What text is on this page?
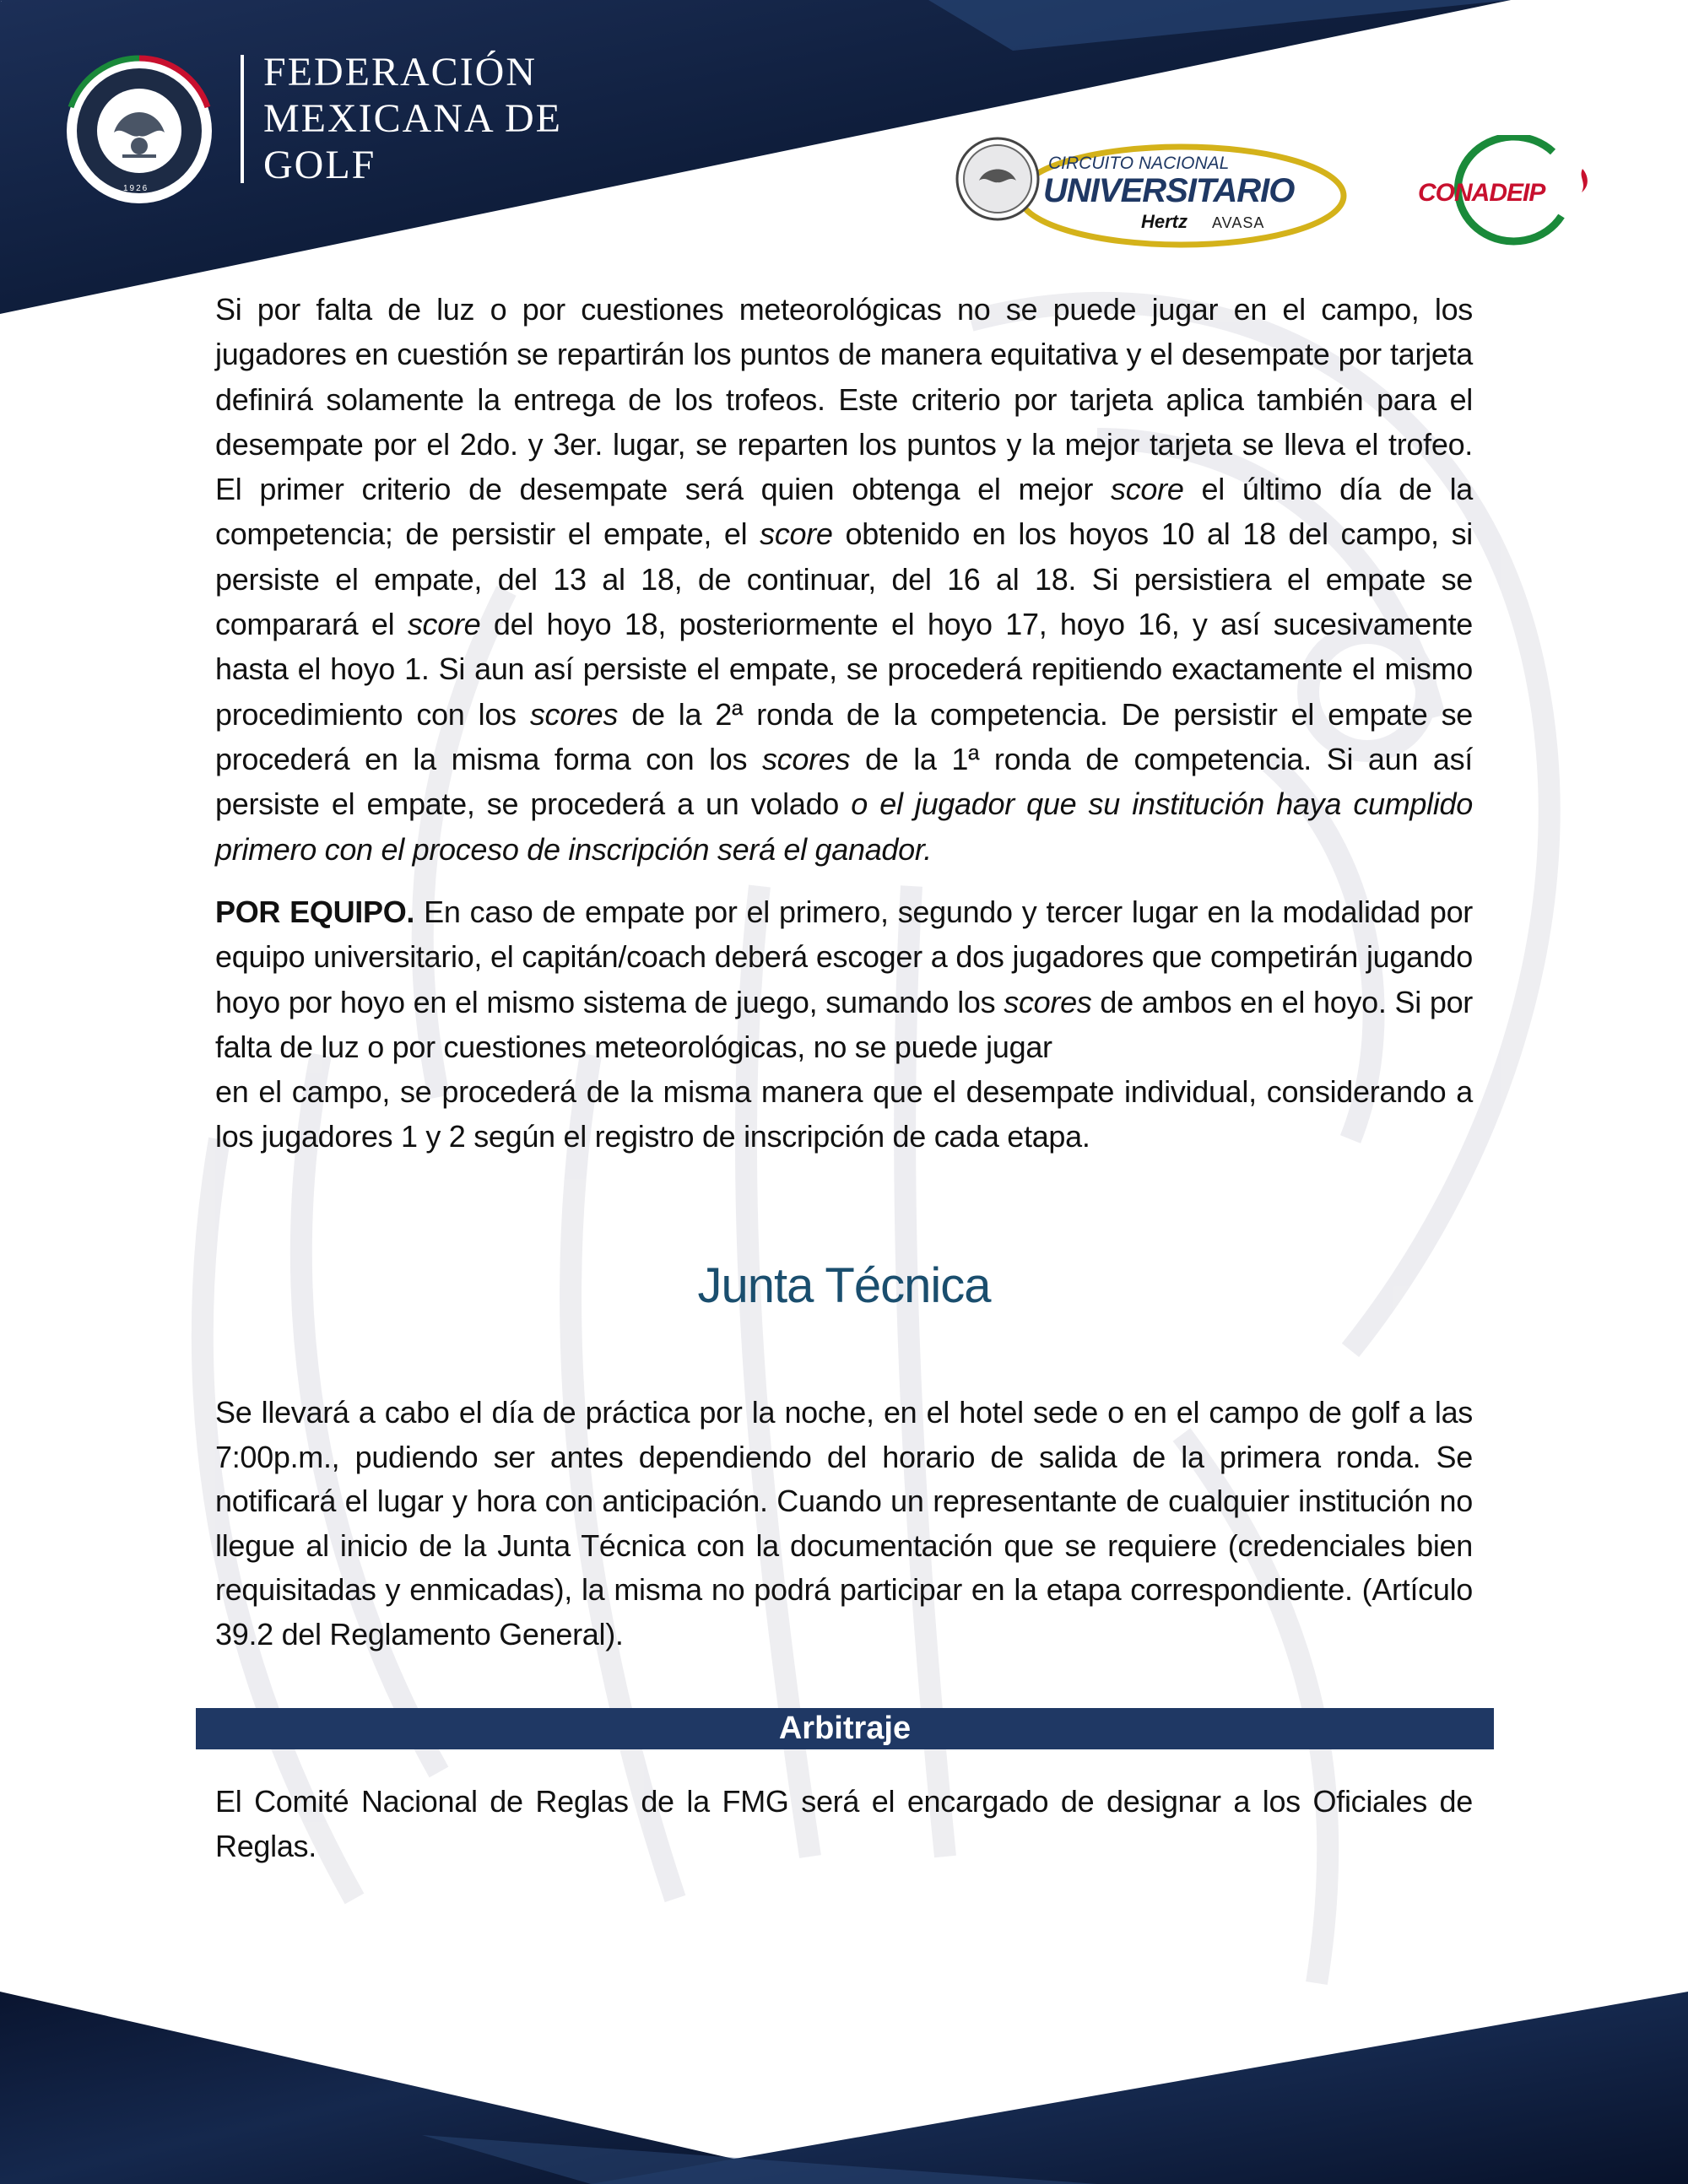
1926
FEDERACIÓN
MEXICANA DE
GOLF	CIRCUITO NACIONAL
UNIVERSITARIO
Hertz AVASA
CONADEIP

Si por falta de luz o por cuestiones meteorológicas no se puede jugar en el campo, los jugadores en cuestión se repartirán los puntos de manera equitativa y el desempate por tarjeta definirá solamente la entrega de los trofeos. Este criterio por tarjeta aplica también para el desempate por el 2do. y 3er. lugar, se reparten los puntos y la mejor tarjeta se lleva el trofeo. El primer criterio de desempate será quien obtenga el mejor score el último día de la competencia; de persistir el empate, el score obtenido en los hoyos 10 al 18 del campo, si persiste el empate, del 13 al 18, de continuar, del 16 al 18. Si persistiera el empate se comparará el score del hoyo 18, posteriormente el hoyo 17, hoyo 16, y así sucesivamente hasta el hoyo 1. Si aun así persiste el empate, se procederá repitiendo exactamente el mismo procedimiento con los scores de la 2ª ronda de la competencia. De persistir el empate se procederá en la misma forma con los scores de la 1ª ronda de competencia. Si aun así persiste el empate, se procederá a un volado o el jugador que su institución haya cumplido primero con el proceso de inscripción será el ganador.

POR EQUIPO. En caso de empate por el primero, segundo y tercer lugar en la modalidad por equipo universitario, el capitán/coach deberá escoger a dos jugadores que competirán jugando hoyo por hoyo en el mismo sistema de juego, sumando los scores de ambos en el hoyo. Si por falta de luz o por cuestiones meteorológicas, no se puede jugar

en el campo, se procederá de la misma manera que el desempate individual, considerando a los jugadores 1 y 2 según el registro de inscripción de cada etapa.

Junta Técnica

Se llevará a cabo el día de práctica por la noche, en el hotel sede o en el campo de golf a las 7:00p.m., pudiendo ser antes dependiendo del horario de salida de la primera ronda. Se notificará el lugar y hora con anticipación. Cuando un representante de cualquier institución no llegue al inicio de la Junta Técnica con la documentación que se requiere (credenciales bien requisitadas y enmicadas), la misma no podrá participar en la etapa correspondiente. (Artículo 39.2 del Reglamento General).

Arbitraje

El Comité Nacional de Reglas de la FMG será el encargado de designar a los Oficiales de Reglas.
